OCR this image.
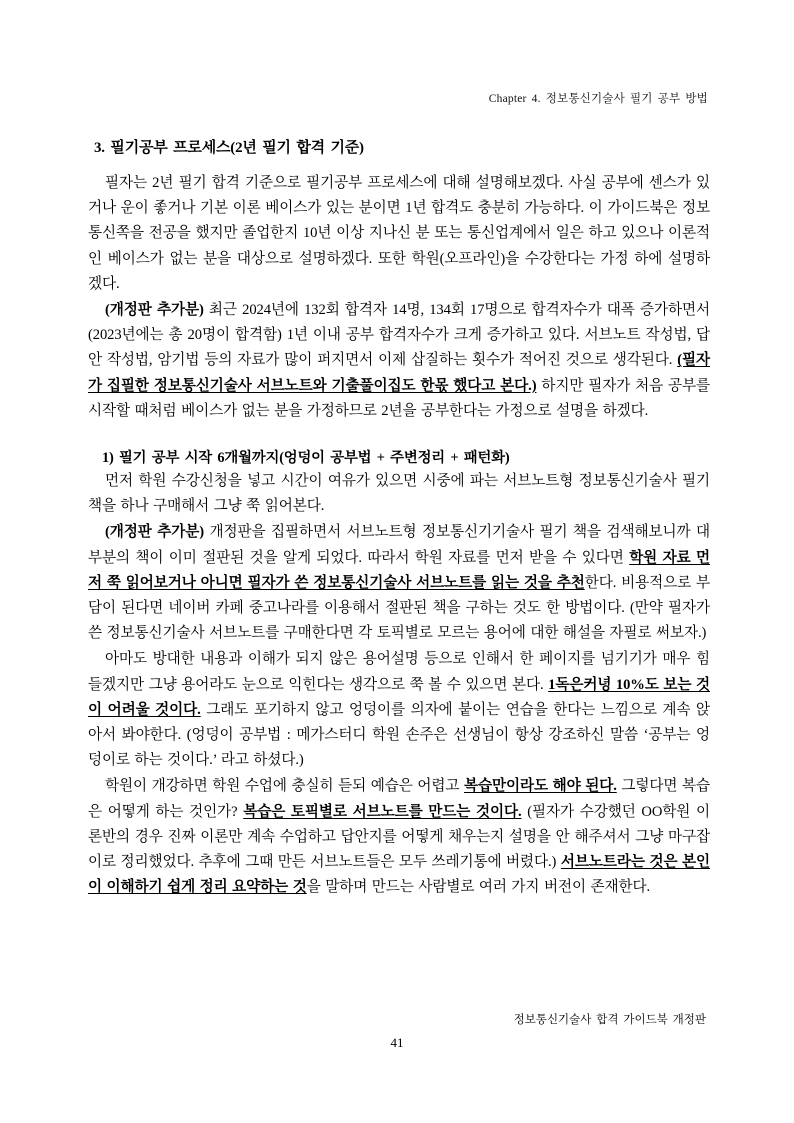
Chapter 4. 정보통신기술사 필기 공부 방법
3. 필기공부 프로세스(2년 필기 합격 기준)

필자는 2년 필기 합격 기준으로 필기공부 프로세스에 대해 설명해보겠다. 사실 공부에 센스가 있거나 운이 좋거나 기본 이론 베이스가 있는 분이면 1년 합격도 충분히 가능하다. 이 가이드북은 정보통신쪽을 전공을 했지만 졸업한지 10년 이상 지나신 분 또는 통신업계에서 일은 하고 있으나 이론적인 베이스가 없는 분을 대상으로 설명하겠다. 또한 학원(오프라인)을 수강한다는 가정 하에 설명하겠다.

(개정판 추가분) 최근 2024년에 132회 합격자 14명, 134회 17명으로 합격자수가 대폭 증가하면서 (2023년에는 총 20명이 합격함) 1년 이내 공부 합격자수가 크게 증가하고 있다. 서브노트 작성법, 답안 작성법, 암기법 등의 자료가 많이 퍼지면서 이제 삽질하는 횟수가 적어진 것으로 생각된다. (필자가 집필한 정보통신기술사 서브노트와 기출풀이집도 한몫 했다고 본다.) 하지만 필자가 처음 공부를 시작할 때처럼 베이스가 없는 분을 가정하므로 2년을 공부한다는 가정으로 설명을 하겠다.

1) 필기 공부 시작 6개월까지(엉덩이 공부법 + 주변정리 + 패턴화)

먼저 학원 수강신청을 넣고 시간이 여유가 있으면 시중에 파는 서브노트형 정보통신기술사 필기 책을 하나 구매해서 그냥 쭉 읽어본다.

(개정판 추가분) 개정판을 집필하면서 서브노트형 정보통신기기술사 필기 책을 검색해보니까 대부분의 책이 이미 절판된 것을 알게 되었다. 따라서 학원 자료를 먼저 받을 수 있다면 학원 자료 먼저 쭉 읽어보거나 아니면 필자가 쓴 정보통신기술사 서브노트를 읽는 것을 추천한다. 비용적으로 부담이 된다면 네이버 카페 중고나라를 이용해서 절판된 책을 구하는 것도 한 방법이다. (만약 필자가 쓴 정보통신기술사 서브노트를 구매한다면 각 토픽별로 모르는 용어에 대한 해설을 자필로 써보자.)

아마도 방대한 내용과 이해가 되지 않은 용어설명 등으로 인해서 한 페이지를 넘기기가 매우 힘들겠지만 그냥 용어라도 눈으로 익힌다는 생각으로 쭉 볼 수 있으면 본다. 1독은커녕 10%도 보는 것이 어려울 것이다. 그래도 포기하지 않고 엉덩이를 의자에 붙이는 연습을 한다는 느낌으로 계속 앉아서 봐야한다. (엉덩이 공부법 : 메가스터디 학원 손주은 선생님이 항상 강조하신 말씀 ‘공부는 엉덩이로 하는 것이다.’ 라고 하셨다.)

학원이 개강하면 학원 수업에 충실히 듣되 예습은 어렵고 복습만이라도 해야 된다. 그렇다면 복습은 어떻게 하는 것인가? 복습은 토픽별로 서브노트를 만드는 것이다. (필자가 수강했던 OO학원 이론반의 경우 진짜 이론만 계속 수업하고 답안지를 어떻게 채우는지 설명을 안 해주셔서 그냥 마구잡이로 정리했었다. 추후에 그때 만든 서브노트들은 모두 쓰레기통에 버렸다.) 서브노트라는 것은 본인이 이해하기 쉽게 정리 요약하는 것을 말하며 만드는 사람별로 여러 가지 버전이 존재한다.

정보통신기술사 합격 가이드북 개정판
41
